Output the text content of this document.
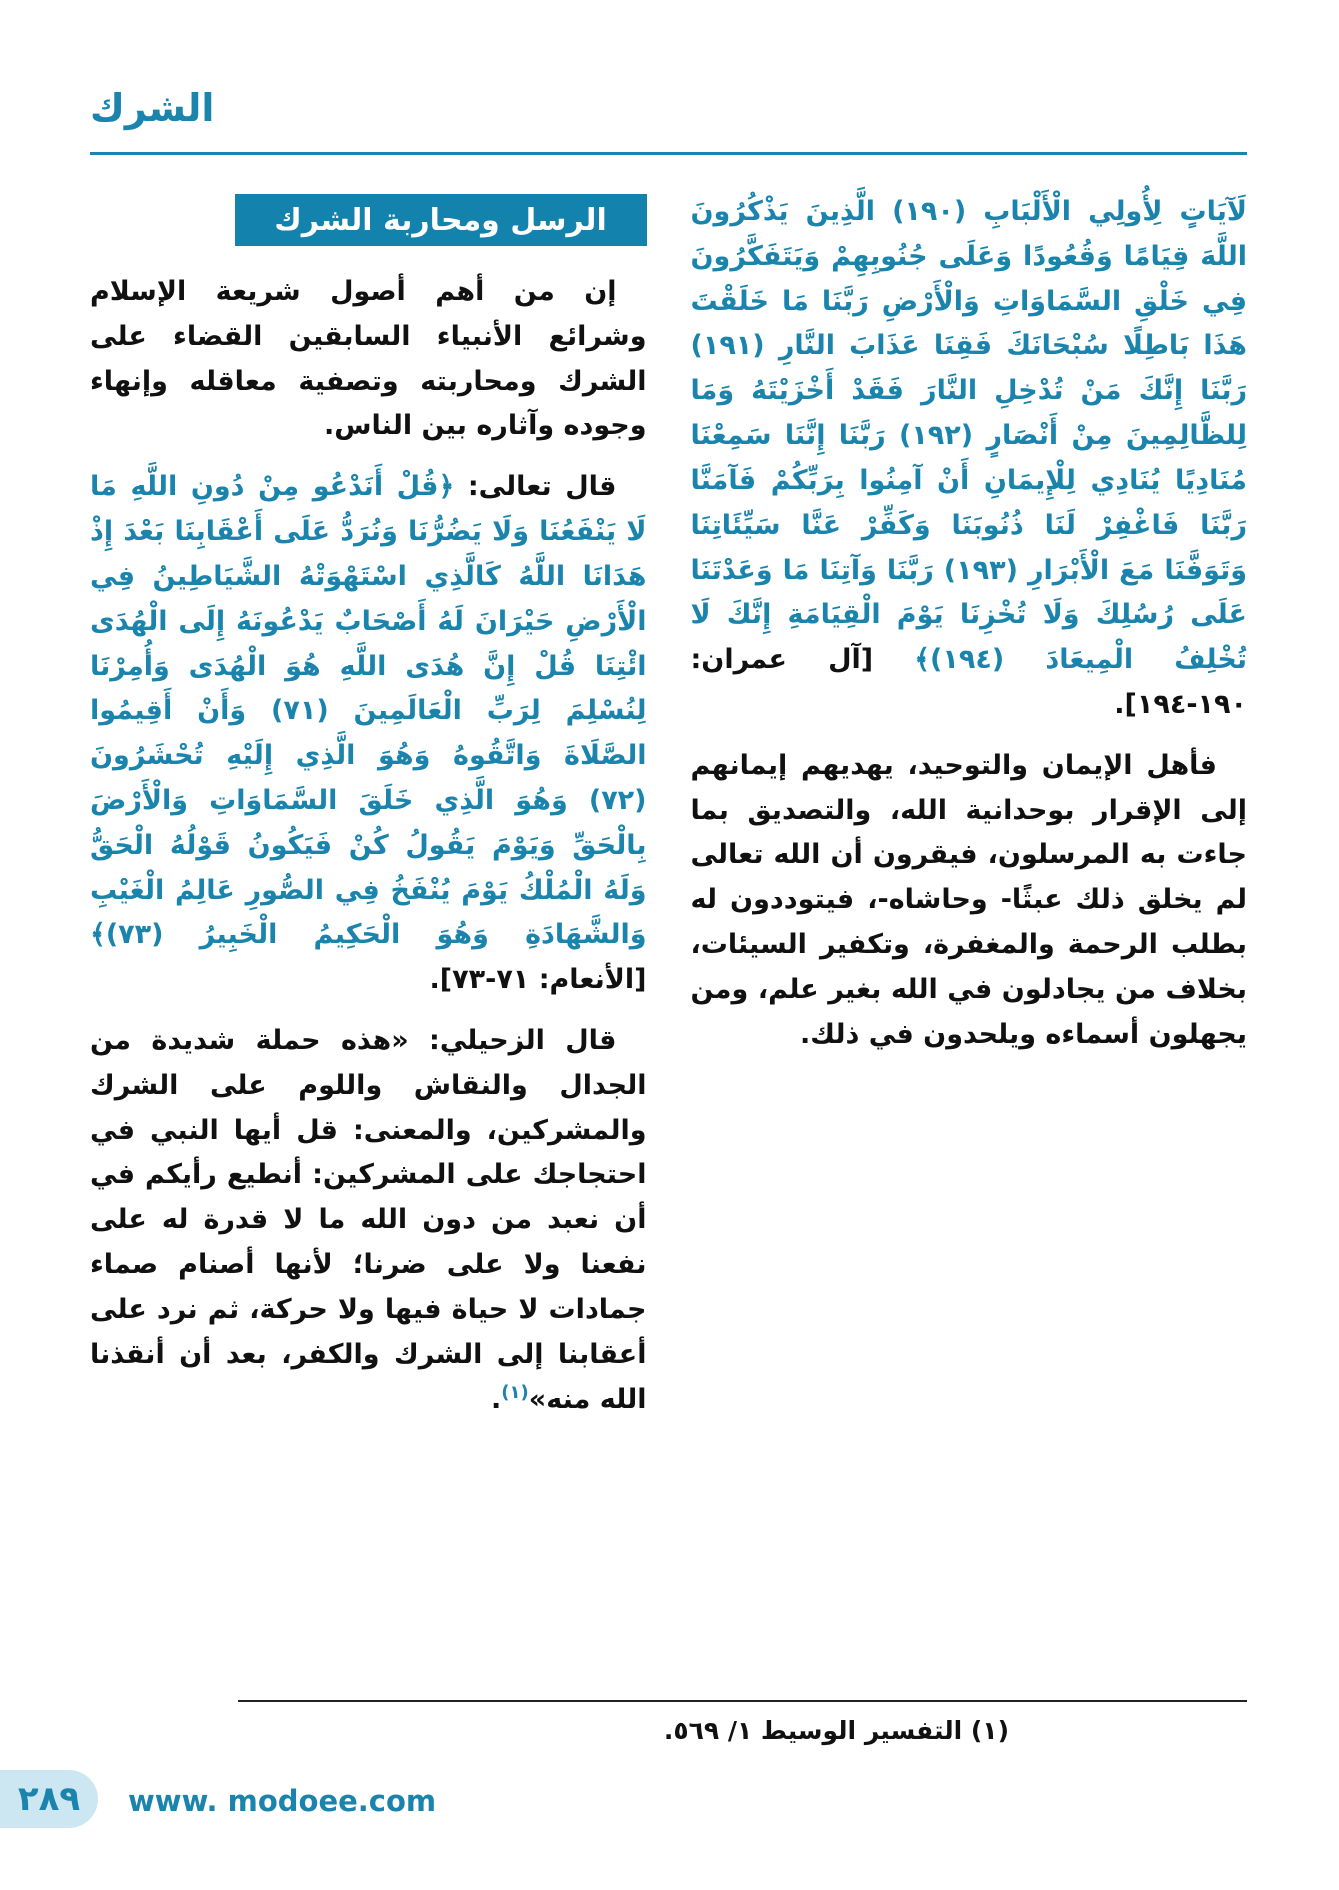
الشرك

لَآيَاتٍ لِأُولِي الْأَلْبَابِ (١٩٠) الَّذِينَ يَذْكُرُونَ اللَّهَ قِيَامًا وَقُعُودًا وَعَلَى جُنُوبِهِمْ وَيَتَفَكَّرُونَ فِي خَلْقِ السَّمَاوَاتِ وَالْأَرْضِ رَبَّنَا مَا خَلَقْتَ هَذَا بَاطِلًا سُبْحَانَكَ فَقِنَا عَذَابَ النَّارِ (١٩١) رَبَّنَا إِنَّكَ مَنْ تُدْخِلِ النَّارَ فَقَدْ أَخْزَيْتَهُ وَمَا لِلظَّالِمِينَ مِنْ أَنْصَارٍ (١٩٢) رَبَّنَا إِنَّنَا سَمِعْنَا مُنَادِيًا يُنَادِي لِلْإِيمَانِ أَنْ آمِنُوا بِرَبِّكُمْ فَآمَنَّا رَبَّنَا فَاغْفِرْ لَنَا ذُنُوبَنَا وَكَفِّرْ عَنَّا سَيِّئَاتِنَا وَتَوَفَّنَا مَعَ الْأَبْرَارِ (١٩٣) رَبَّنَا وَآتِنَا مَا وَعَدْتَنَا عَلَى رُسُلِكَ وَلَا تُخْزِنَا يَوْمَ الْقِيَامَةِ إِنَّكَ لَا تُخْلِفُ الْمِيعَادَ (١٩٤)﴾ [آل عمران: ١٩٠-١٩٤].

فأهل الإيمان والتوحيد، يهديهم إيمانهم إلى الإقرار بوحدانية الله، والتصديق بما جاءت به المرسلون، فيقرون أن الله تعالى لم يخلق ذلك عبثًا- وحاشاه-، فيتوددون له بطلب الرحمة والمغفرة، وتكفير السيئات، بخلاف من يجادلون في الله بغير علم، ومن يجهلون أسماءه ويلحدون في ذلك.

الرسل ومحاربة الشرك

إن من أهم أصول شريعة الإسلام وشرائع الأنبياء السابقين القضاء على الشرك ومحاربته وتصفية معاقله وإنهاء وجوده وآثاره بين الناس.

قال تعالى: ﴿قُلْ أَنَدْعُو مِنْ دُونِ اللَّهِ مَا لَا يَنْفَعُنَا وَلَا يَضُرُّنَا وَنُرَدُّ عَلَى أَعْقَابِنَا بَعْدَ إِذْ هَدَانَا اللَّهُ كَالَّذِي اسْتَهْوَتْهُ الشَّيَاطِينُ فِي الْأَرْضِ حَيْرَانَ لَهُ أَصْحَابٌ يَدْعُونَهُ إِلَى الْهُدَى ائْتِنَا قُلْ إِنَّ هُدَى اللَّهِ هُوَ الْهُدَى وَأُمِرْنَا لِنُسْلِمَ لِرَبِّ الْعَالَمِينَ (٧١) وَأَنْ أَقِيمُوا الصَّلَاةَ وَاتَّقُوهُ وَهُوَ الَّذِي إِلَيْهِ تُحْشَرُونَ (٧٢) وَهُوَ الَّذِي خَلَقَ السَّمَاوَاتِ وَالْأَرْضَ بِالْحَقِّ وَيَوْمَ يَقُولُ كُنْ فَيَكُونُ قَوْلُهُ الْحَقُّ وَلَهُ الْمُلْكُ يَوْمَ يُنْفَخُ فِي الصُّورِ عَالِمُ الْغَيْبِ وَالشَّهَادَةِ وَهُوَ الْحَكِيمُ الْخَبِيرُ (٧٣)﴾ [الأنعام: ٧١-٧٣].

قال الزحيلي: «هذه حملة شديدة من الجدال والنقاش واللوم على الشرك والمشركين، والمعنى: قل أيها النبي في احتجاجك على المشركين: أنطيع رأيكم في أن نعبد من دون الله ما لا قدرة له على نفعنا ولا على ضرنا؛ لأنها أصنام صماء جمادات لا حياة فيها ولا حركة، ثم نرد على أعقابنا إلى الشرك والكفر، بعد أن أنقذنا الله منه»$^{(١)}$.

(١) التفسير الوسيط ١/ ٥٦٩.
٢٨٩ www. modoee.com
